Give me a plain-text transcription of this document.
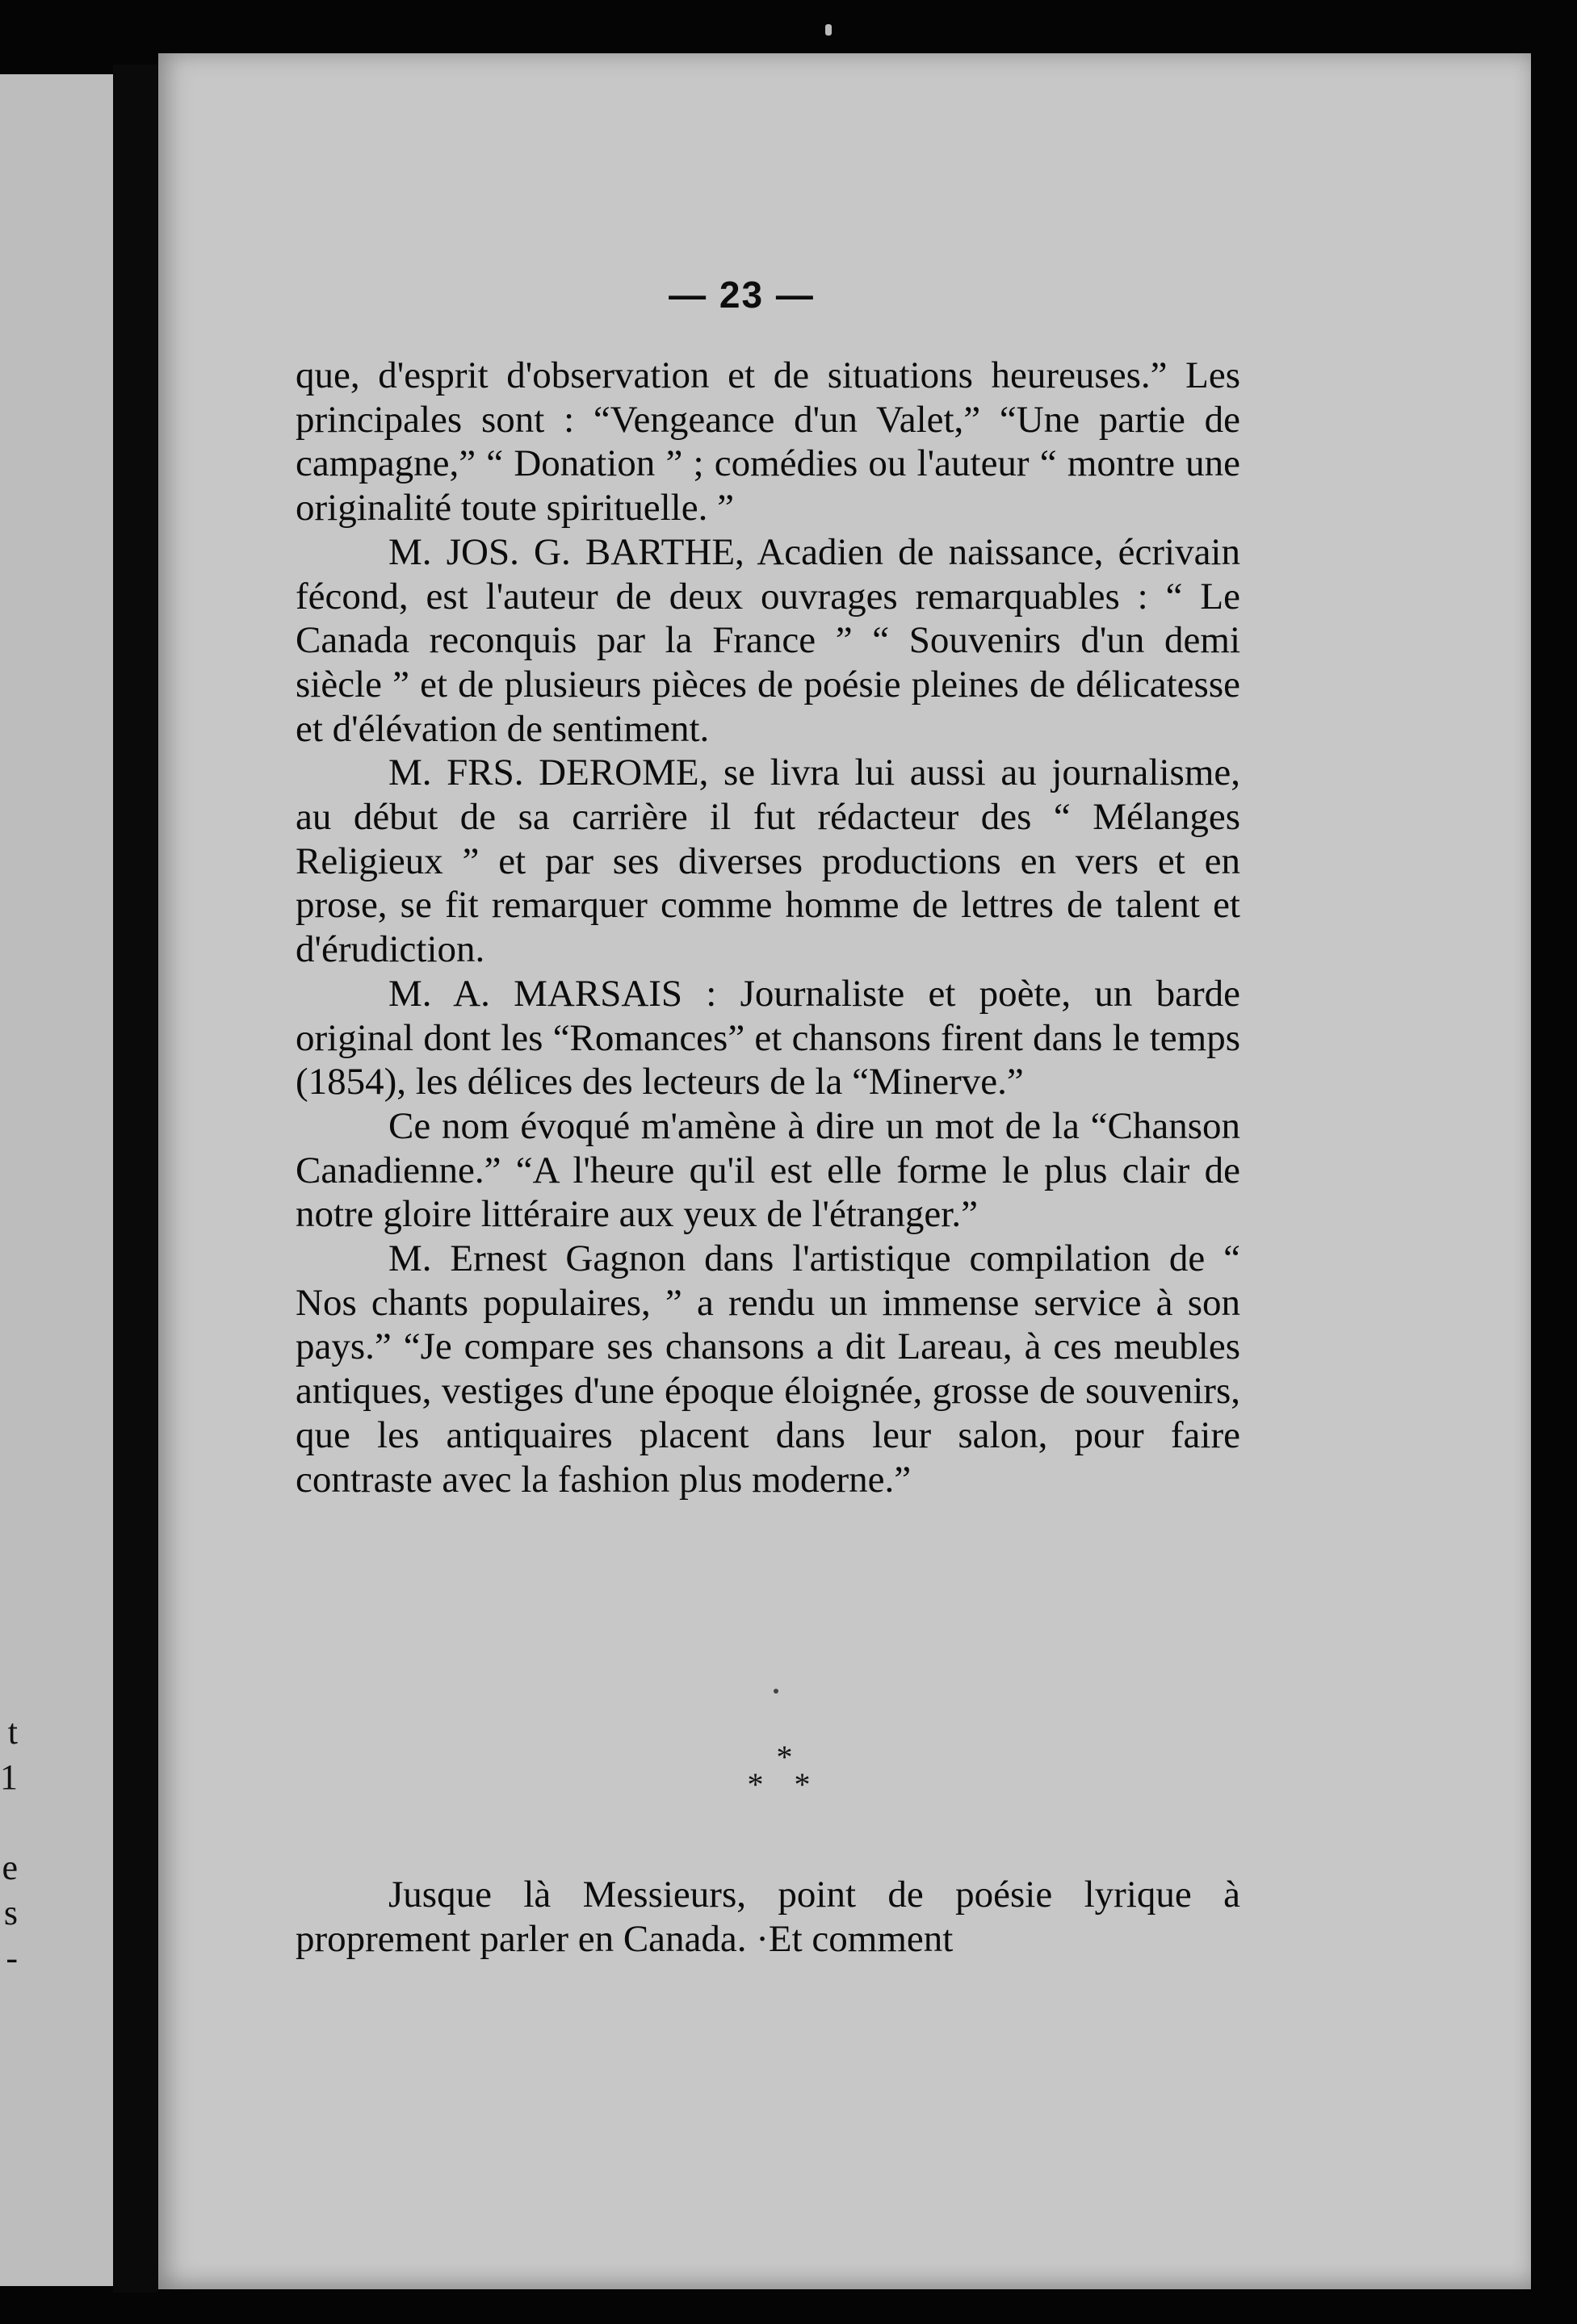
t
1
e
s
-
— 23 —

que, d'esprit d'observation et de situations heureuses.” Les principales sont : “Vengeance d'un Valet,” “Une partie de campagne,” “ Donation ” ; comédies ou l'auteur “ montre une originalité toute spirituelle. ”

M. JOS. G. BARTHE, Acadien de naissance, écrivain fécond, est l'auteur de deux ouvrages remarquables : “ Le Canada reconquis par la France ” “ Souvenirs d'un demi siècle ” et de plusieurs pièces de poésie pleines de délicatesse et d'élévation de sentiment.

M. FRS. DEROME, se livra lui aussi au journalisme, au début de sa carrière il fut rédacteur des “ Mélanges Religieux ” et par ses diverses productions en vers et en prose, se fit remarquer comme homme de lettres de talent et d'érudiction.

M. A. MARSAIS : Journaliste et poète, un barde original dont les “Romances” et chansons firent dans le temps (1854), les délices des lecteurs de la “Minerve.”

Ce nom évoqué m'amène à dire un mot de la “Chanson Canadienne.” “A l'heure qu'il est elle forme le plus clair de notre gloire littéraire aux yeux de l'étranger.”

M. Ernest Gagnon dans l'artistique compilation de “ Nos chants populaires, ” a rendu un immense service à son pays.” “Je compare ses chansons a dit Lareau, à ces meubles antiques, vestiges d'une époque éloignée, grosse de souvenirs, que les antiquaires placent dans leur salon, pour faire contraste avec la fashion plus moderne.”

*
* *

Jusque là Messieurs, point de poésie lyrique à proprement parler en Canada. ·Et comment
